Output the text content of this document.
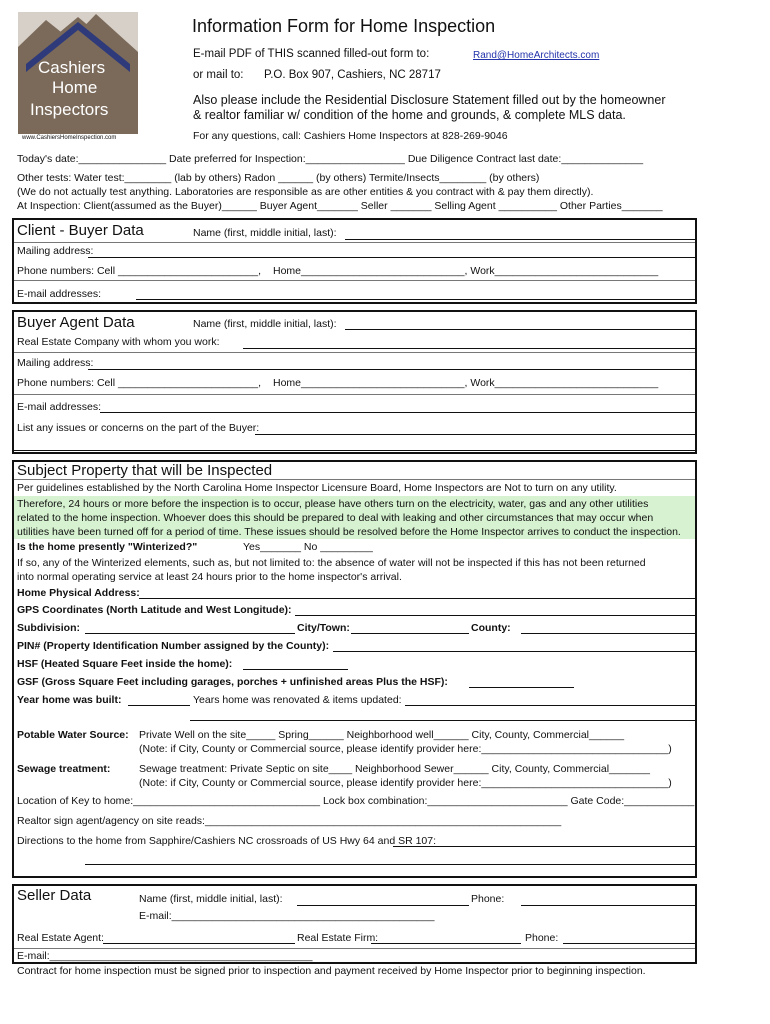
Cashiers
Home
Inspectors
www.CashiersHomeInspection.com
Information Form for Home Inspection
E-mail PDF of THIS scanned filled-out form to:	Rand@HomeArchitects.com
or mail to: P.O. Box 907, Cashiers, NC 28717
Also please include the Residential Disclosure Statement filled out by the homeowner
& realtor familiar w/ condition of the home and grounds, & complete MLS data.
For any questions, call: Cashiers Home Inspectors at 828-269-9046
Today's date:_______________ Date preferred for Inspection:_________________ Due Diligence Contract last date:______________
Other tests: Water test:________ (lab by others) Radon ______ (by others) Termite/Insects________ (by others)
(We do not actually test anything. Laboratories are responsible as are other entities & you contract with & pay them directly).
At Inspection: Client(assumed as the Buyer)______ Buyer Agent_______ Seller _______ Selling Agent __________ Other Parties_______
Client - Buyer Data	Name (first, middle initial, last):
Mailing address:
Phone numbers: Cell ________________________, Home____________________________, Work____________________________
E-mail addresses:
Buyer Agent Data	Name (first, middle initial, last):
Real Estate Company with whom you work:
Mailing address:
Phone numbers: Cell ________________________, Home____________________________, Work____________________________
E-mail addresses:
List any issues or concerns on the part of the Buyer:
Subject Property that will be Inspected
Per guidelines established by the North Carolina Home Inspector Licensure Board, Home Inspectors are Not to turn on any utility.
Therefore, 24 hours or more before the inspection is to occur, please have others turn on the electricity, water, gas and any other utilities
related to the home inspection. Whoever does this should be prepared to deal with leaking and other circumstances that may occur when
utilities have been turned off for a period of time. These issues should be resolved before the Home Inspector arrives to conduct the inspection.
Is the home presently "Winterized?"	Yes_______ No _________
If so, any of the Winterized elements, such as, but not limited to: the absence of water will not be inspected if this has not been returned
into normal operating service at least 24 hours prior to the home inspector's arrival.
Home Physical Address:
GPS Coordinates (North Latitude and West Longitude):
Subdivision:	City/Town:	County:
PIN# (Property Identification Number assigned by the County):
HSF (Heated Square Feet inside the home):
GSF (Gross Square Feet including garages, porches + unfinished areas Plus the HSF):
Year home was built:	Years home was renovated & items updated:
Potable Water Source: Private Well on the site_____ Spring______ Neighborhood well______ City, County, Commercial______
(Note: if City, County or Commercial source, please identify provider here:________________________________)
Sewage treatment:	Sewage treatment: Private Septic on site____ Neighborhood Sewer______ City, County, Commercial_______
(Note: if City, County or Commercial source, please identify provider here:________________________________)
Location of Key to home:________________________________ Lock box combination:________________________ Gate Code:____________
Realtor sign agent/agency on site reads:_____________________________________________________________
Directions to the home from Sapphire/Cashiers NC crossroads of US Hwy 64 and SR 107:
Seller Data	Name (first, middle initial, last):	Phone:
E-mail:_____________________________________________
Real Estate Agent:	Real Estate Firm:	Phone:
E-mail:_____________________________________________
Contract for home inspection must be signed prior to inspection and payment received by Home Inspector prior to beginning inspection.
